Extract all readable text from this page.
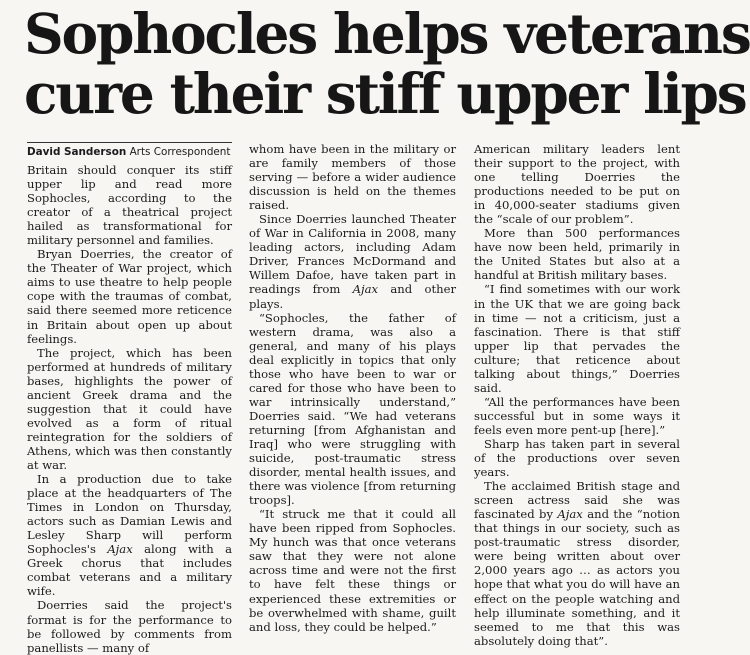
Sophocles helps veterans
cure their stiff upper lips
David Sanderson Arts Correspondent

Britain should conquer its stiff upper lip and read more Sophocles, according to the creator of a theatrical project hailed as transformational for military personnel and families.

Bryan Doerries, the creator of the Theater of War project, which aims to use theatre to help people cope with the traumas of combat, said there seemed more reticence in Britain about open up about feelings.

The project, which has been performed at hundreds of military bases, highlights the power of ancient Greek drama and the suggestion that it could have evolved as a form of ritual reintegration for the soldiers of Athens, which was then constantly at war.

In a production due to take place at the headquarters of The Times in London on Thursday, actors such as Damian Lewis and Lesley Sharp will perform Sophocles's Ajax along with a Greek chorus that includes combat veterans and a military wife.

Doerries said the project's format is for the performance to be followed by comments from panellists — many of

whom have been in the military or are family members of those serving — before a wider audience discussion is held on the themes raised.

Since Doerries launched Theater of War in California in 2008, many leading actors, including Adam Driver, Frances McDormand and Willem Dafoe, have taken part in readings from Ajax and other plays.

“Sophocles, the father of western drama, was also a general, and many of his plays deal explicitly in topics that only those who have been to war or cared for those who have been to war intrinsically understand,” Doerries said. “We had veterans returning [from Afghanistan and Iraq] who were struggling with suicide, post-traumatic stress disorder, mental health issues, and there was violence [from returning troops].

“It struck me that it could all have been ripped from Sophocles. My hunch was that once veterans saw that they were not alone across time and were not the first to have felt these things or experienced these extremities or be overwhelmed with shame, guilt and loss, they could be helped.”

American military leaders lent their support to the project, with one telling Doerries the productions needed to be put on in 40,000-seater stadiums given the “scale of our problem”.

More than 500 performances have now been held, primarily in the United States but also at a handful at British military bases.

“I find sometimes with our work in the UK that we are going back in time — not a criticism, just a fascination. There is that stiff upper lip that pervades the culture; that reticence about talking about things,” Doerries said.

“All the performances have been successful but in some ways it feels even more pent-up [here].”

Sharp has taken part in several of the productions over seven years.

The acclaimed British stage and screen actress said she was fascinated by Ajax and the “notion that things in our society, such as post-traumatic stress disorder, were being written about over 2,000 years ago … as actors you hope that what you do will have an effect on the people watching and help illuminate something, and it seemed to me that this was absolutely doing that”.
